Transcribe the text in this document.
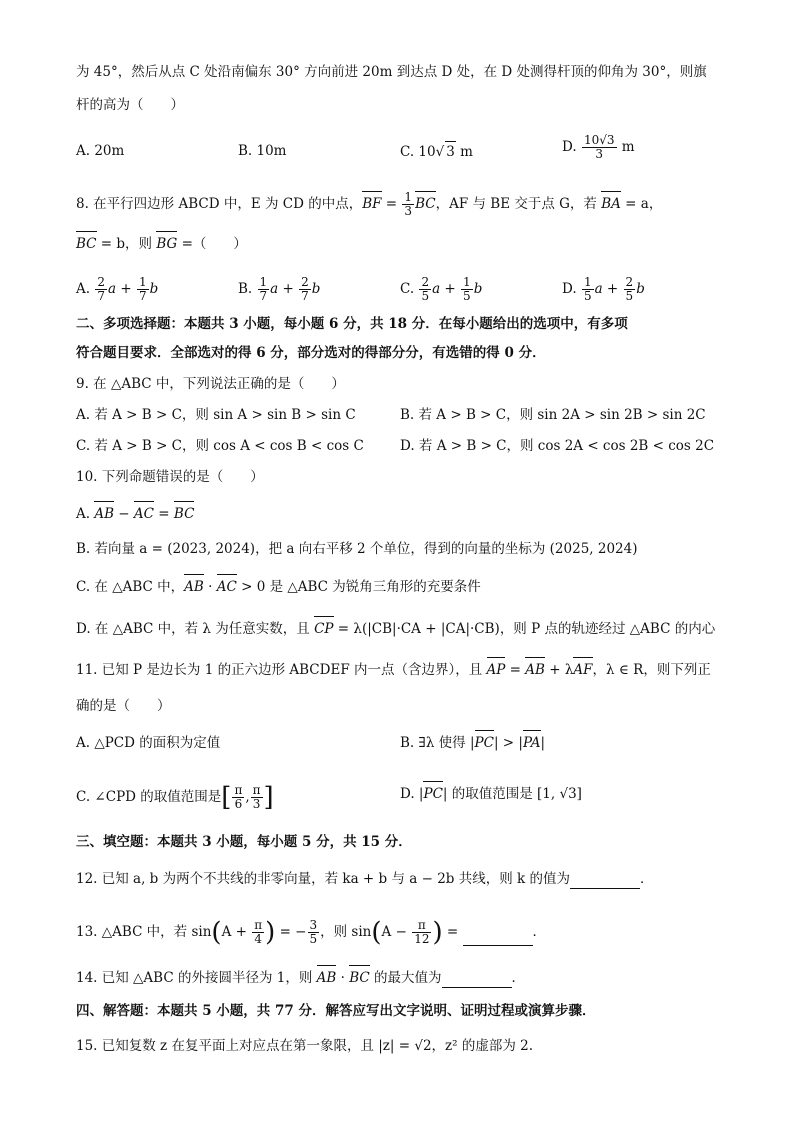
为 45°，然后从点 C 处沿南偏东 30° 方向前进 20m 到达点 D 处，在 D 处测得杆顶的仰角为 30°，则旗
杆的高为（　　）
A. 20m	B. 10m	C. 10√ 3 m	D. $\frac{10√3}{3}$ m
8. 在平行四边形 ABCD 中，E 为 CD 的中点，BF = $\frac{1}{3}$ BC，AF 与 BE 交于点 G，若 BA = a，
BC = b，则 BG =（　　）
A. $\frac{2}{7}$ $a + \frac{1}{7}$ b	B. $\frac{1}{7}$ $a + \frac{2}{7}$ b	C. $\frac{2}{5}$ $a + \frac{1}{5}$ b	D. $\frac{1}{5}$ $a + \frac{2}{5}$ b
二、多项选择题：本题共 3 小题，每小题 6 分，共 18 分．在每小题给出的选项中，有多项
符合题目要求．全部选对的得 6 分，部分选对的得部分分，有选错的得 0 分．
9. 在 △ABC 中，下列说法正确的是（　　）
A. 若 A > B > C，则 sin A > sin B > sin C	B. 若 A > B > C，则 sin 2A > sin 2B > sin 2C
C. 若 A > B > C，则 cos A < cos B < cos C	D. 若 A > B > C，则 cos 2A < cos 2B < cos 2C
10. 下列命题错误的是（　　）
A. AB − AC = BC
B. 若向量 a = (2023, 2024)，把 a 向右平移 2 个单位，得到的向量的坐标为 (2025, 2024)
C. 在 △ABC 中，AB · AC > 0 是 △ABC 为锐角三角形的充要条件
D. 在 △ABC 中，若 λ 为任意实数，且 CP = λ(|CB|·CA + |CA|·CB)，则 P 点的轨迹经过 △ABC 的内心
11. 已知 P 是边长为 1 的正六边形 ABCDEF 内一点（含边界），且 AP = AB + λAF，λ ∈ R，则下列正
确的是（　　）
A. △PCD 的面积为定值	B. ∃λ 使得 |PC| > |PA|
C. ∠CPD 的取值范围是[ $\frac{\pi}{6}$ , $\frac{\pi}{3}$ ]	D. |PC| 的取值范围是 [1, √3]
三、填空题：本题共 3 小题，每小题 5 分，共 15 分．
12. 已知 a, b 为两个不共线的非零向量，若 ka + b 与 a − 2b 共线，则 k 的值为	．
13. △ABC 中，若 $\sin(A + \frac{\pi}{4}$ ) = − $\frac{3}{5}$ ，则 $\sin(A - \frac{\pi}{12}$ ) =	．
14. 已知 △ABC 的外接圆半径为 1，则 AB · BC 的最大值为	．
四、解答题：本题共 5 小题，共 77 分．解答应写出文字说明、证明过程或演算步骤．
15. 已知复数 z 在复平面上对应点在第一象限，且 |z| = √2，z² 的虚部为 2.
